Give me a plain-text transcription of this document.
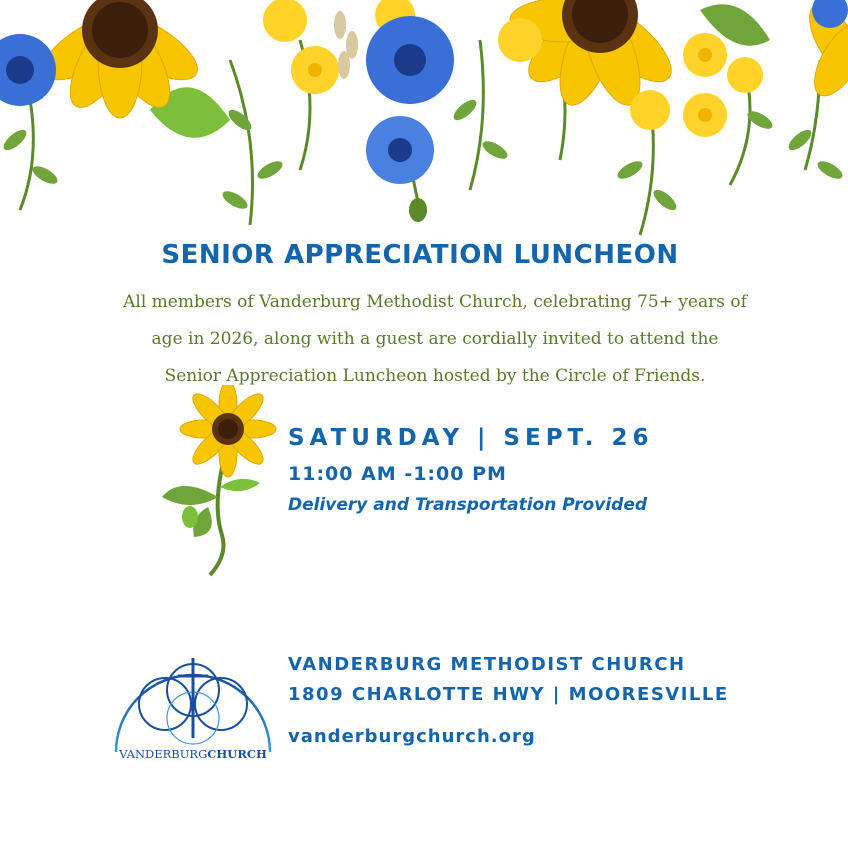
SENIOR APPRECIATION LUNCHEON
All members of Vanderburg Methodist Church, celebrating 75+ years of
age in 2026, along with a guest are cordially invited to attend the
Senior Appreciation Luncheon hosted by the Circle of Friends.
SATURDAY | SEPT. 26
11:00 AM -1:00 PM
Delivery and Transportation Provided
VANDERBURGCHURCH
VANDERBURG METHODIST CHURCH
1809 CHARLOTTE HWY | MOORESVILLE
vanderburgchurch.org
